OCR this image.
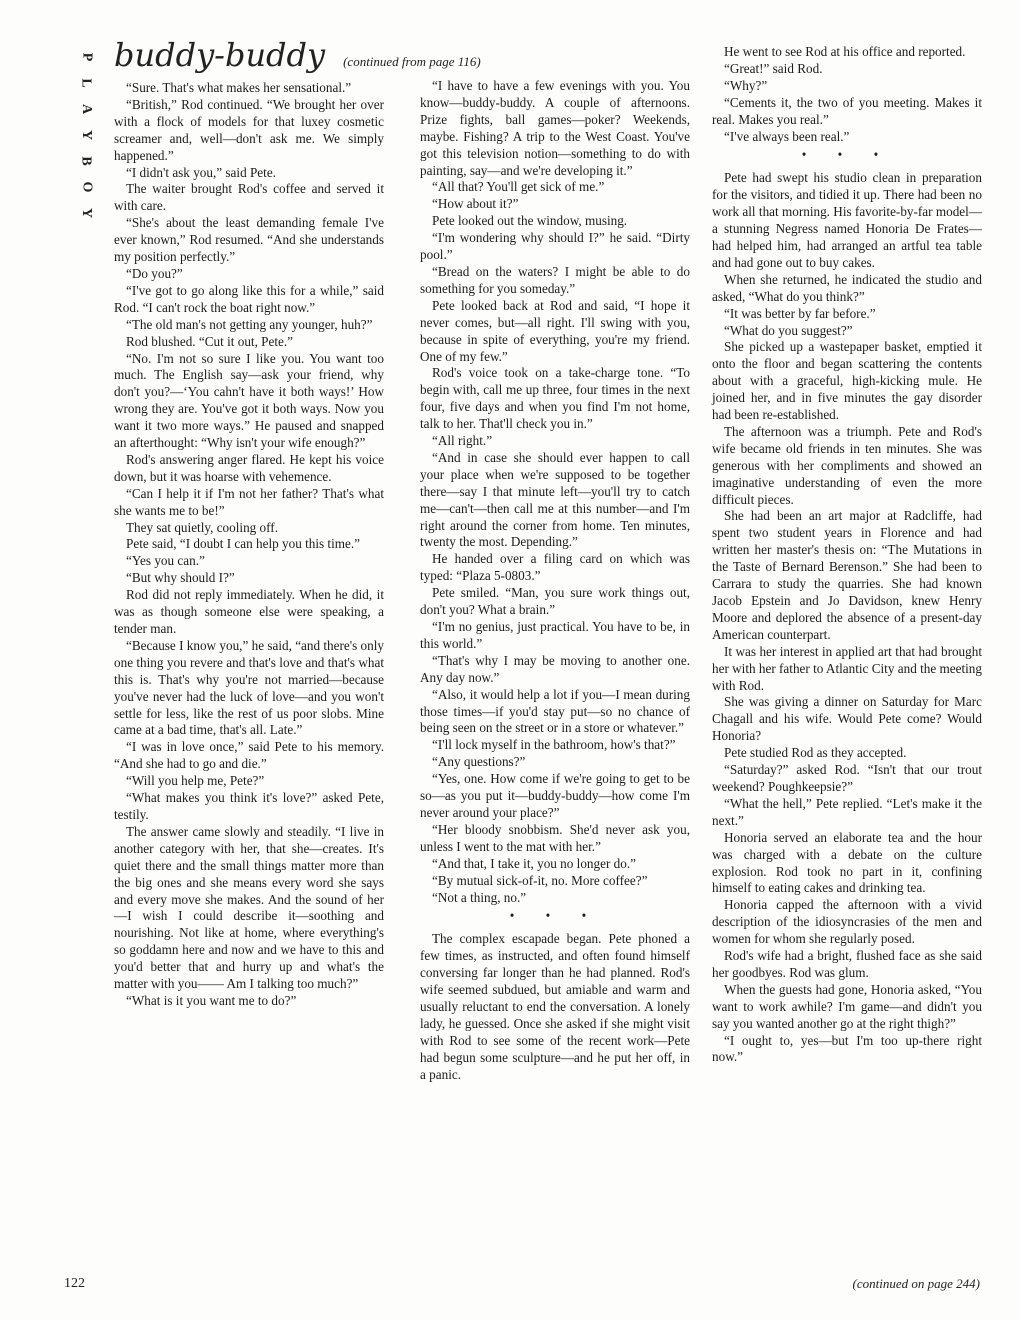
P
L
A
Y
B
O
Y
buddy-buddy (continued from page 116)

“Sure. That's what makes her sensational.”

“British,” Rod continued. “We brought her over with a flock of models for that luxey cosmetic screamer and, well—don't ask me. We simply happened.”

“I didn't ask you,” said Pete.

The waiter brought Rod's coffee and served it with care.

“She's about the least demanding female I've ever known,” Rod resumed. “And she understands my position perfectly.”

“Do you?”

“I've got to go along like this for a while,” said Rod. “I can't rock the boat right now.”

“The old man's not getting any younger, huh?”

Rod blushed. “Cut it out, Pete.”

“No. I'm not so sure I like you. You want too much. The English say—ask your friend, why don't you?—‘You cahn't have it both ways!’ How wrong they are. You've got it both ways. Now you want it two more ways.” He paused and snapped an afterthought: “Why isn't your wife enough?”

Rod's answering anger flared. He kept his voice down, but it was hoarse with vehemence.

“Can I help it if I'm not her father? That's what she wants me to be!”

They sat quietly, cooling off.

Pete said, “I doubt I can help you this time.”

“Yes you can.”

“But why should I?”

Rod did not reply immediately. When he did, it was as though someone else were speaking, a tender man.

“Because I know you,” he said, “and there's only one thing you revere and that's love and that's what this is. That's why you're not married—because you've never had the luck of love—and you won't settle for less, like the rest of us poor slobs. Mine came at a bad time, that's all. Late.”

“I was in love once,” said Pete to his memory. “And she had to go and die.”

“Will you help me, Pete?”

“What makes you think it's love?” asked Pete, testily.

The answer came slowly and steadily. “I live in another category with her, that she—creates. It's quiet there and the small things matter more than the big ones and she means every word she says and every move she makes. And the sound of her—I wish I could describe it—soothing and nourishing. Not like at home, where everything's so goddamn here and now and we have to this and you'd better that and hurry up and what's the matter with you—— Am I talking too much?”

“What is it you want me to do?”

“I have to have a few evenings with you. You know—buddy-buddy. A couple of afternoons. Prize fights, ball games—poker? Weekends, maybe. Fishing? A trip to the West Coast. You've got this television notion—something to do with painting, say—and we're developing it.”

“All that? You'll get sick of me.”

“How about it?”

Pete looked out the window, musing.

“I'm wondering why should I?” he said. “Dirty pool.”

“Bread on the waters? I might be able to do something for you someday.”

Pete looked back at Rod and said, “I hope it never comes, but—all right. I'll swing with you, because in spite of everything, you're my friend. One of my few.”

Rod's voice took on a take-charge tone. “To begin with, call me up three, four times in the next four, five days and when you find I'm not home, talk to her. That'll check you in.”

“All right.”

“And in case she should ever happen to call your place when we're supposed to be together there—say I that minute left—you'll try to catch me—can't—then call me at this number—and I'm right around the corner from home. Ten minutes, twenty the most. Depending.”

He handed over a filing card on which was typed: “Plaza 5-0803.”

Pete smiled. “Man, you sure work things out, don't you? What a brain.”

“I'm no genius, just practical. You have to be, in this world.”

“That's why I may be moving to another one. Any day now.”

“Also, it would help a lot if you—I mean during those times—if you'd stay put—so no chance of being seen on the street or in a store or whatever.”

“I'll lock myself in the bathroom, how's that?”

“Any questions?”

“Yes, one. How come if we're going to get to be so—as you put it—buddy-buddy—how come I'm never around your place?”

“Her bloody snobbism. She'd never ask you, unless I went to the mat with her.”

“And that, I take it, you no longer do.”

“By mutual sick-of-it, no. More coffee?”

“Not a thing, no.”

• • •

The complex escapade began. Pete phoned a few times, as instructed, and often found himself conversing far longer than he had planned. Rod's wife seemed subdued, but amiable and warm and usually reluctant to end the conversation. A lonely lady, he guessed. Once she asked if she might visit with Rod to see some of the recent work—Pete had begun some sculpture—and he put her off, in a panic.

He went to see Rod at his office and reported.

“Great!” said Rod.

“Why?”

“Cements it, the two of you meeting. Makes it real. Makes you real.”

“I've always been real.”

• • •

Pete had swept his studio clean in preparation for the visitors, and tidied it up. There had been no work all that morning. His favorite-by-far model—a stunning Negress named Honoria De Frates—had helped him, had arranged an artful tea table and had gone out to buy cakes.

When she returned, he indicated the studio and asked, “What do you think?”

“It was better by far before.”

“What do you suggest?”

She picked up a wastepaper basket, emptied it onto the floor and began scattering the contents about with a graceful, high-kicking mule. He joined her, and in five minutes the gay disorder had been re-established.

The afternoon was a triumph. Pete and Rod's wife became old friends in ten minutes. She was generous with her compliments and showed an imaginative understanding of even the more difficult pieces.

She had been an art major at Radcliffe, had spent two student years in Florence and had written her master's thesis on: “The Mutations in the Taste of Bernard Berenson.” She had been to Carrara to study the quarries. She had known Jacob Epstein and Jo Davidson, knew Henry Moore and deplored the absence of a present-day American counterpart.

It was her interest in applied art that had brought her with her father to Atlantic City and the meeting with Rod.

She was giving a dinner on Saturday for Marc Chagall and his wife. Would Pete come? Would Honoria?

Pete studied Rod as they accepted.

“Saturday?” asked Rod. “Isn't that our trout weekend? Poughkeepsie?”

“What the hell,” Pete replied. “Let's make it the next.”

Honoria served an elaborate tea and the hour was charged with a debate on the culture explosion. Rod took no part in it, confining himself to eating cakes and drinking tea.

Honoria capped the afternoon with a vivid description of the idiosyncrasies of the men and women for whom she regularly posed.

Rod's wife had a bright, flushed face as she said her goodbyes. Rod was glum.

When the guests had gone, Honoria asked, “You want to work awhile? I'm game—and didn't you say you wanted another go at the right thigh?”

“I ought to, yes—but I'm too up-there right now.”

122	(continued on page 244)
